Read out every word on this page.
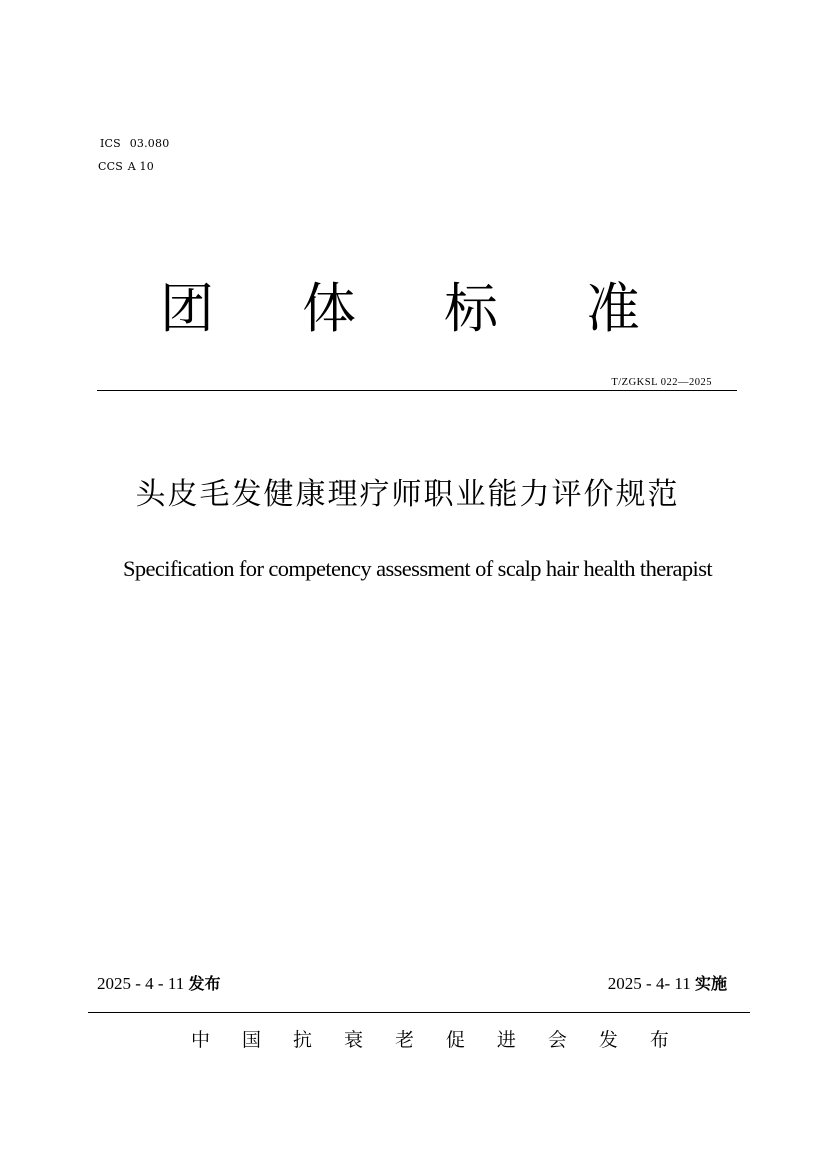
ICS 03.080
CCS A 10
团 体 标 准
T/ZGKSL 022—2025
头皮毛发健康理疗师职业能力评价规范
Specification for competency assessment of scalp hair health therapist
2025 - 4 - 11 发布	2025 - 4- 11 实施
中 国 抗 衰 老 促 进 会 发 布
